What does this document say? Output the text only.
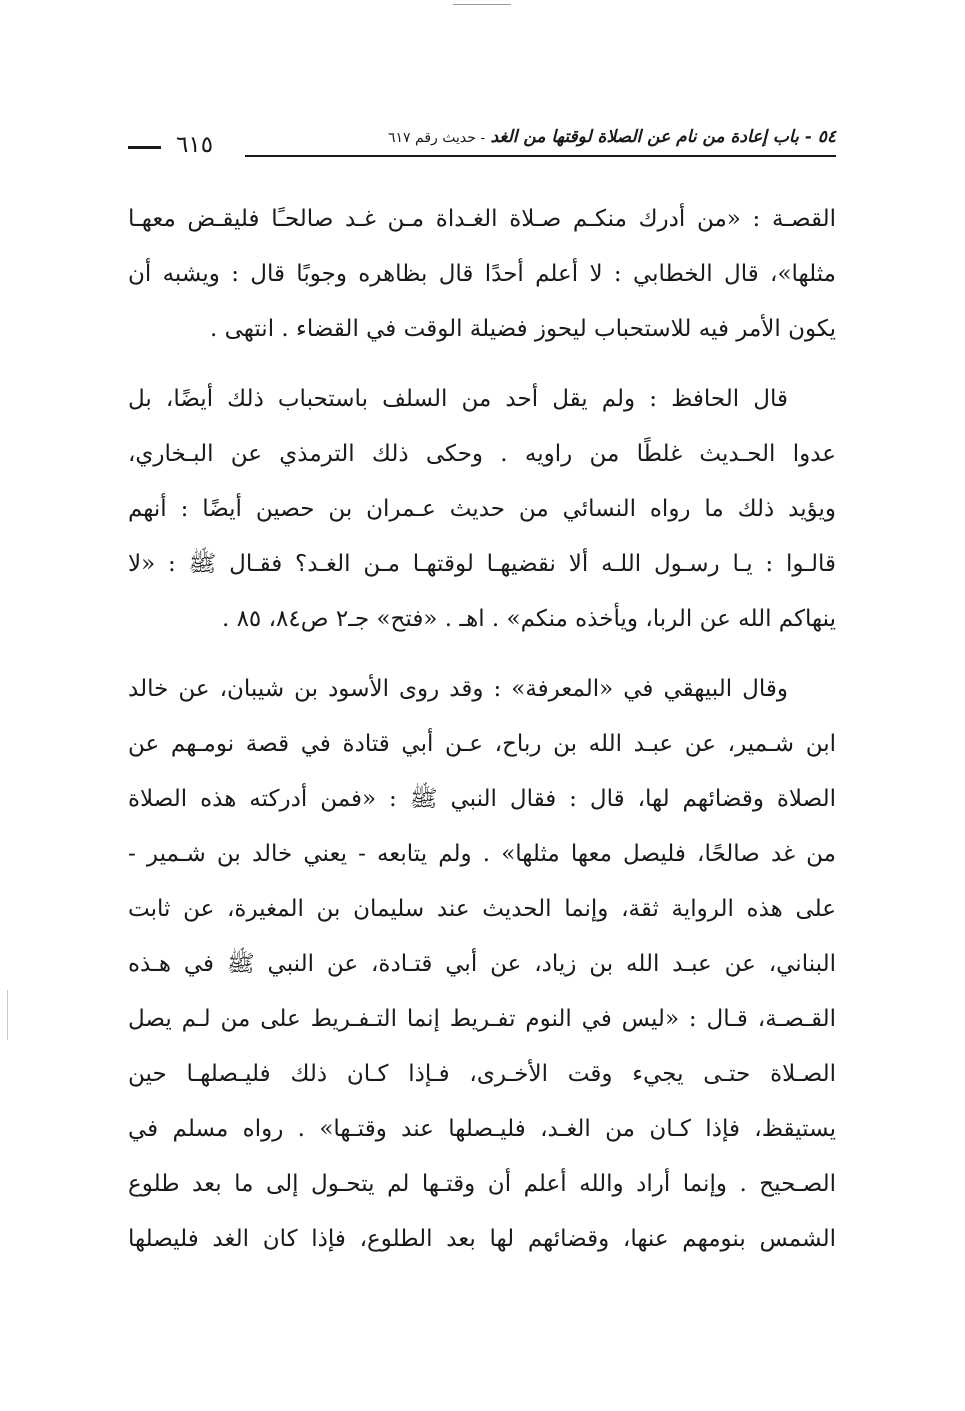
٥٤ - باب إعادة من نام عن الصلاة لوقتها من الغد - حديث رقم ٦١٧
٦١٥
القصـة : «من أدرك منكـم صـلاة الغـداة مـن غـد صالحـًا فليقـض معهـا
مثلها»، قال الخطابي : لا أعلم أحدًا قال بظاهره وجوبًا قال : ويشبه أن
يكون الأمر فيه للاستحباب ليحوز فضيلة الوقت في القضاء . انتهى .
قال الحافظ : ولم يقل أحد من السلف باستحباب ذلك أيضًا، بل
عدوا الحـديث غلطًا من راويه . وحكى ذلك الترمذي عن البـخاري،
ويؤيد ذلك ما رواه النسائي من حديث عـمران بن حصين أيضًا : أنهم
قالـوا : يـا رسـول اللـه ألا نقضيهـا لوقتهـا مـن الغـد؟ فقـال ﷺ : «لا
ينهاكم الله عن الربا، ويأخذه منكم» . اهـ . «فتح» جـ٢ ص٨٤، ٨٥ .
وقال البيهقي في «المعرفة» : وقد روى الأسود بن شيبان، عن خالد
ابن شـمير، عن عبـد الله بن رباح، عـن أبي قتادة في قصة نومـهم عن
الصلاة وقضائهم لها، قال : فقال النبي ﷺ : «فمن أدركته هذه الصلاة
من غد صالحًا، فليصل معها مثلها» . ولم يتابعه - يعني خالد بن شـمير -
على هذه الرواية ثقة، وإنما الحديث عند سليمان بن المغيرة، عن ثابت
البناني، عن عبـد الله بن زياد، عن أبي قتـادة، عن النبي ﷺ في هـذه
القـصـة، قـال : «ليس في النوم تفـريط إنما التـفـريط على من لـم يصل
الصـلاة حتـى يجيء وقت الأخـرى، فـإذا كـان ذلك فليـصلهـا حين
يستيقظ، فإذا كـان من الغـد، فليـصلها عند وقتـها» . رواه مسلم في
الصـحيح . وإنما أراد والله أعلم أن وقتـها لم يتحـول إلى ما بعد طلوع
الشمس بنومهم عنها، وقضائهم لها بعد الطلوع، فإذا كان الغد فليصلها
